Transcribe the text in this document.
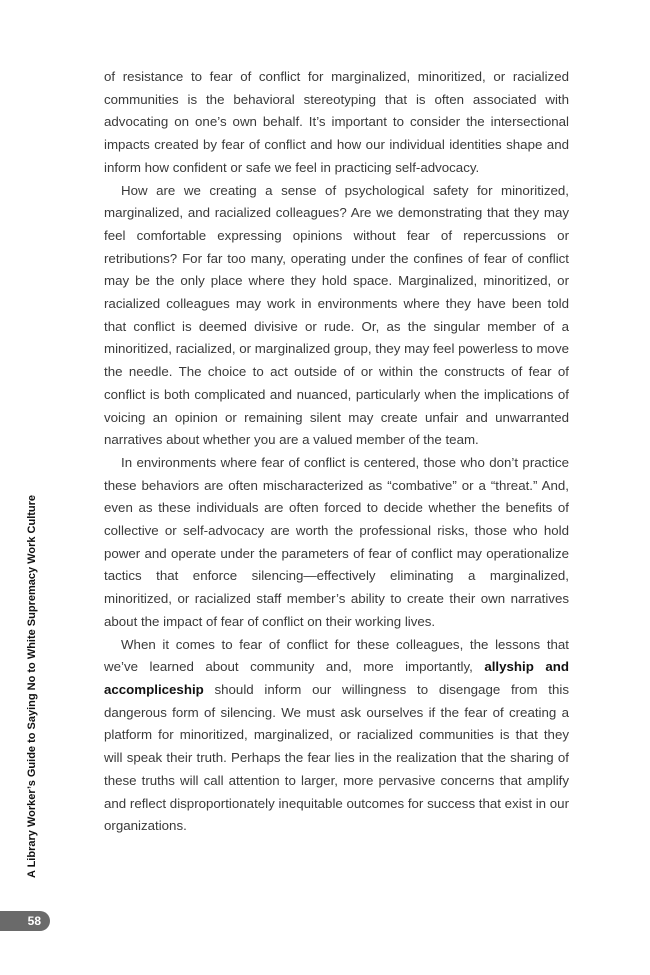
of resistance to fear of conflict for marginalized, minoritized, or racialized communities is the behavioral stereotyping that is often associated with advocating on one’s own behalf. It’s important to consider the intersectional impacts created by fear of conflict and how our individual identities shape and inform how confident or safe we feel in practicing self-advocacy.

How are we creating a sense of psychological safety for minoritized, marginalized, and racialized colleagues? Are we demonstrating that they may feel comfortable expressing opinions without fear of repercussions or retributions? For far too many, operating under the confines of fear of conflict may be the only place where they hold space. Marginalized, minoritized, or racialized colleagues may work in environments where they have been told that conflict is deemed divisive or rude. Or, as the singular member of a minoritized, racialized, or marginalized group, they may feel powerless to move the needle. The choice to act outside of or within the constructs of fear of conflict is both complicated and nuanced, particularly when the implications of voicing an opinion or remaining silent may create unfair and unwarranted narratives about whether you are a valued member of the team.

In environments where fear of conflict is centered, those who don’t practice these behaviors are often mischaracterized as “combative” or a “threat.” And, even as these individuals are often forced to decide whether the benefits of collective or self-advocacy are worth the professional risks, those who hold power and operate under the parameters of fear of conflict may operationalize tactics that enforce silencing—effectively eliminating a marginalized, minoritized, or racialized staff member’s ability to create their own narratives about the impact of fear of conflict on their working lives.

When it comes to fear of conflict for these colleagues, the lessons that we’ve learned about community and, more importantly, allyship and accompliceship should inform our willingness to disengage from this dangerous form of silencing. We must ask ourselves if the fear of creating a platform for minoritized, marginalized, or racialized communities is that they will speak their truth. Perhaps the fear lies in the realization that the sharing of these truths will call attention to larger, more pervasive concerns that amplify and reflect disproportionately inequitable outcomes for success that exist in our organizations.

A Library Worker’s Guide to Saying No to White Supremacy Work Culture
58
